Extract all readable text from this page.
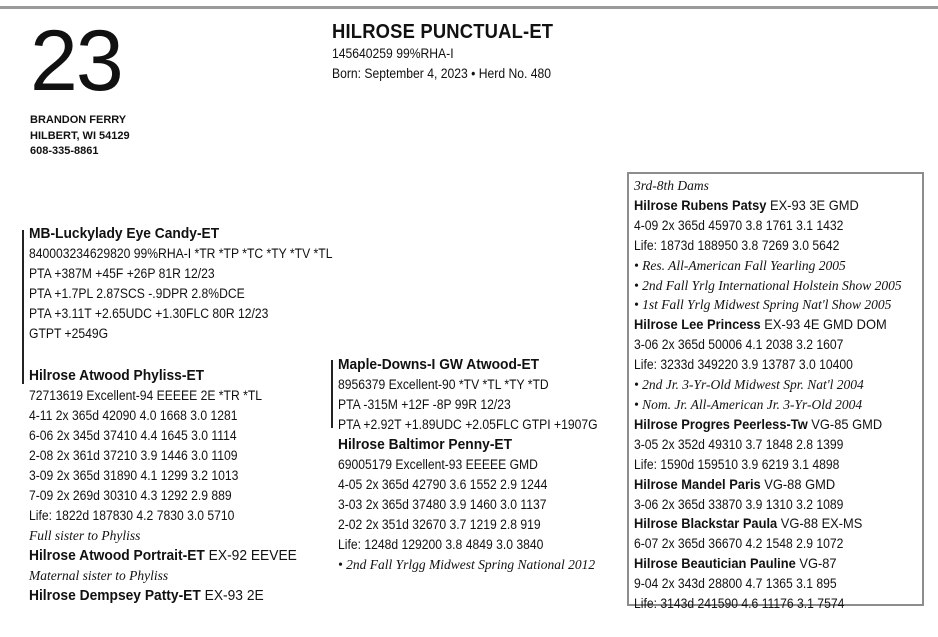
23
BRANDON FERRY
HILBERT, WI 54129
608-335-8861
HILROSE PUNCTUAL-ET
145640259 99%RHA-I
Born: September 4, 2023 • Herd No. 480
MB-Luckylady Eye Candy-ET
840003234629820 99%RHA-I *TR *TP *TC *TY *TV *TL
PTA +387M +45F +26P 81R 12/23
PTA +1.7PL 2.87SCS -.9DPR 2.8%DCE
PTA +3.11T +2.65UDC +1.30FLC 80R 12/23
GTPT +2549G
Hilrose Atwood Phyliss-ET
72713619 Excellent-94 EEEEE 2E *TR *TL
4-11 2x 365d 42090 4.0 1668 3.0 1281
6-06 2x 345d 37410 4.4 1645 3.0 1114
2-08 2x 361d 37210 3.9 1446 3.0 1109
3-09 2x 365d 31890 4.1 1299 3.2 1013
7-09 2x 269d 30310 4.3 1292 2.9 889
Life: 1822d 187830 4.2 7830 3.0 5710
Full sister to Phyliss
Hilrose Atwood Portrait-ET EX-92 EEVEE
Maternal sister to Phyliss
Hilrose Dempsey Patty-ET EX-93 2E
Maple-Downs-I GW Atwood-ET
8956379 Excellent-90 *TV *TL *TY *TD
PTA -315M +12F -8P 99R 12/23
PTA +2.92T +1.89UDC +2.05FLC GTPI +1907G
Hilrose Baltimor Penny-ET
69005179 Excellent-93 EEEEE GMD
4-05 2x 365d 42790 3.6 1552 2.9 1244
3-03 2x 365d 37480 3.9 1460 3.0 1137
2-02 2x 351d 32670 3.7 1219 2.8 919
Life: 1248d 129200 3.8 4849 3.0 3840
• 2nd Fall Yrlgg Midwest Spring National 2012
3rd-8th Dams
Hilrose Rubens Patsy EX-93 3E GMD
4-09 2x 365d 45970 3.8 1761 3.1 1432
Life: 1873d 188950 3.8 7269 3.0 5642
• Res. All-American Fall Yearling 2005
• 2nd Fall Yrlg International Holstein Show 2005
• 1st Fall Yrlg Midwest Spring Nat'l Show 2005
Hilrose Lee Princess EX-93 4E GMD DOM
3-06 2x 365d 50006 4.1 2038 3.2 1607
Life: 3233d 349220 3.9 13787 3.0 10400
• 2nd Jr. 3-Yr-Old Midwest Spr. Nat'l 2004
• Nom. Jr. All-American Jr. 3-Yr-Old 2004
Hilrose Progres Peerless-Tw VG-85 GMD
3-05 2x 352d 49310 3.7 1848 2.8 1399
Life: 1590d 159510 3.9 6219 3.1 4898
Hilrose Mandel Paris VG-88 GMD
3-06 2x 365d 33870 3.9 1310 3.2 1089
Hilrose Blackstar Paula VG-88 EX-MS
6-07 2x 365d 36670 4.2 1548 2.9 1072
Hilrose Beautician Pauline VG-87
9-04 2x 343d 28800 4.7 1365 3.1 895
Life: 3143d 241590 4.6 11176 3.1 7574
